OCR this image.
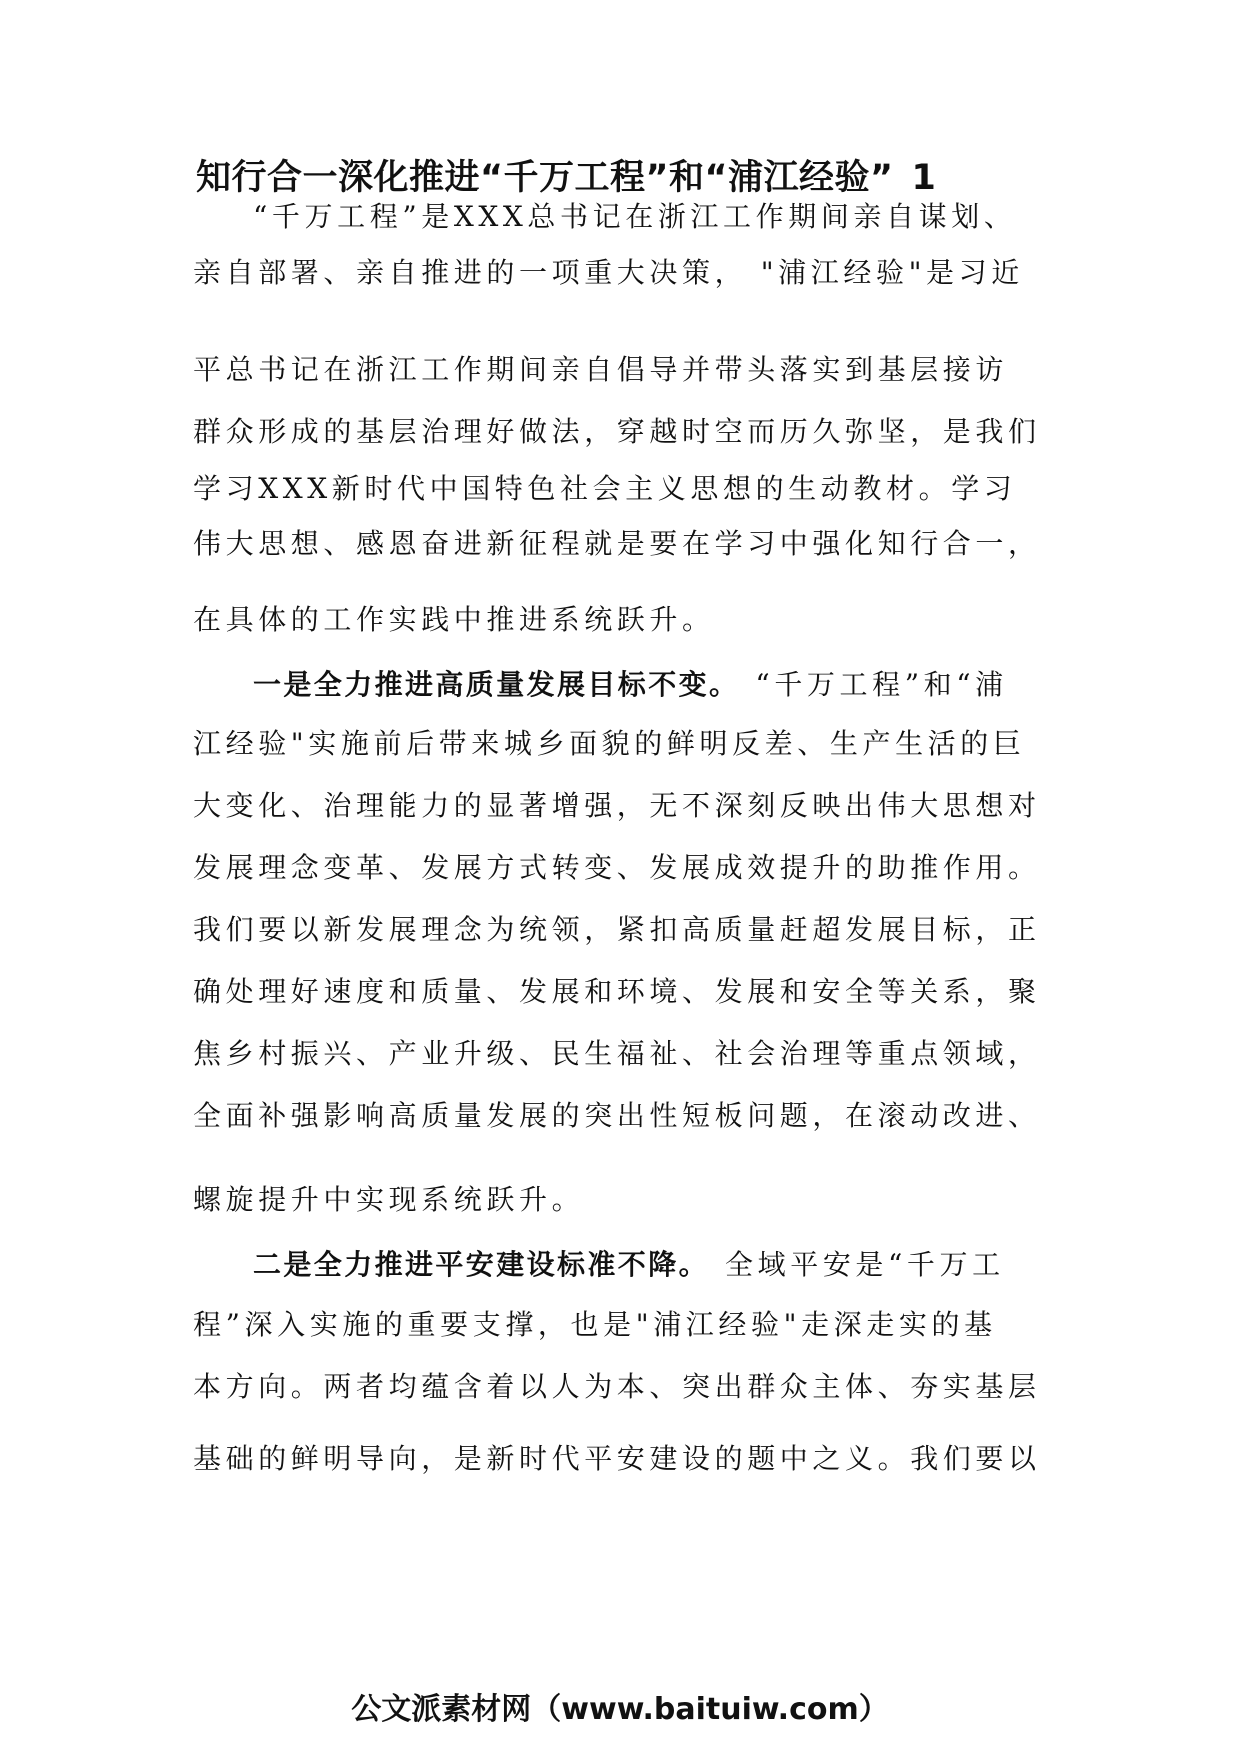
知行合一深化推进“千万工程”和“浦江经验” 1
“千万工程”是XXX总书记在浙江工作期间亲自谋划、
亲自部署、亲自推进的一项重大决策， "浦江经验"是习近
平总书记在浙江工作期间亲自倡导并带头落实到基层接访
群众形成的基层治理好做法，穿越时空而历久弥坚，是我们
学习XXX新时代中国特色社会主义思想的生动教材。学习
伟大思想、感恩奋进新征程就是要在学习中强化知行合一，
在具体的工作实践中推进系统跃升。
一是全力推进高质量发展目标不变。 “千万工程”和“浦
江经验"实施前后带来城乡面貌的鲜明反差、生产生活的巨
大变化、治理能力的显著增强，无不深刻反映出伟大思想对
发展理念变革、发展方式转变、发展成效提升的助推作用。
我们要以新发展理念为统领，紧扣高质量赶超发展目标，正
确处理好速度和质量、发展和环境、发展和安全等关系，聚
焦乡村振兴、产业升级、民生福祉、社会治理等重点领域，
全面补强影响高质量发展的突出性短板问题，在滚动改进、
螺旋提升中实现系统跃升。
二是全力推进平安建设标准不降。 全域平安是“千万工
程”深入实施的重要支撑，也是"浦江经验"走深走实的基
本方向。两者均蕴含着以人为本、突出群众主体、夯实基层
基础的鲜明导向，是新时代平安建设的题中之义。我们要以
公文派素材网（www.baituiw.com）
